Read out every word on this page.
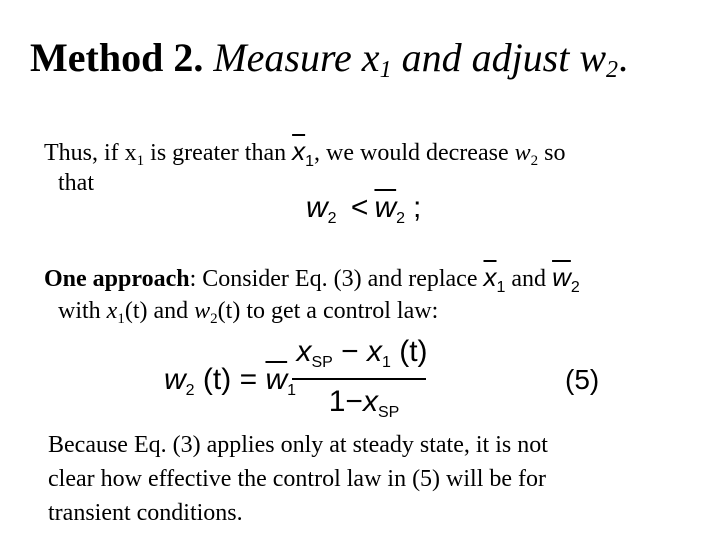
Method 2. Measure $x_1$ and adjust $w_2$.
Thus, if $x_1$ is greater than $\overline{x}_1$, we would decrease $w_2$ so
that
$w_2 < \overline{w}_2$ ;
One approach: Consider Eq. (3) and replace $\overline{x}_1$ and $\overline{w}_2$
with $x_1(t)$ and $w_2(t)$ to get a control law:
$w_2$ $(t) = \overline{w}_1$
$x_{SP} - x_1$ (t)
$1-x_{SP}$
(5)
Because Eq. (3) applies only at steady state, it is not
clear how effective the control law in (5) will be for
transient conditions.
